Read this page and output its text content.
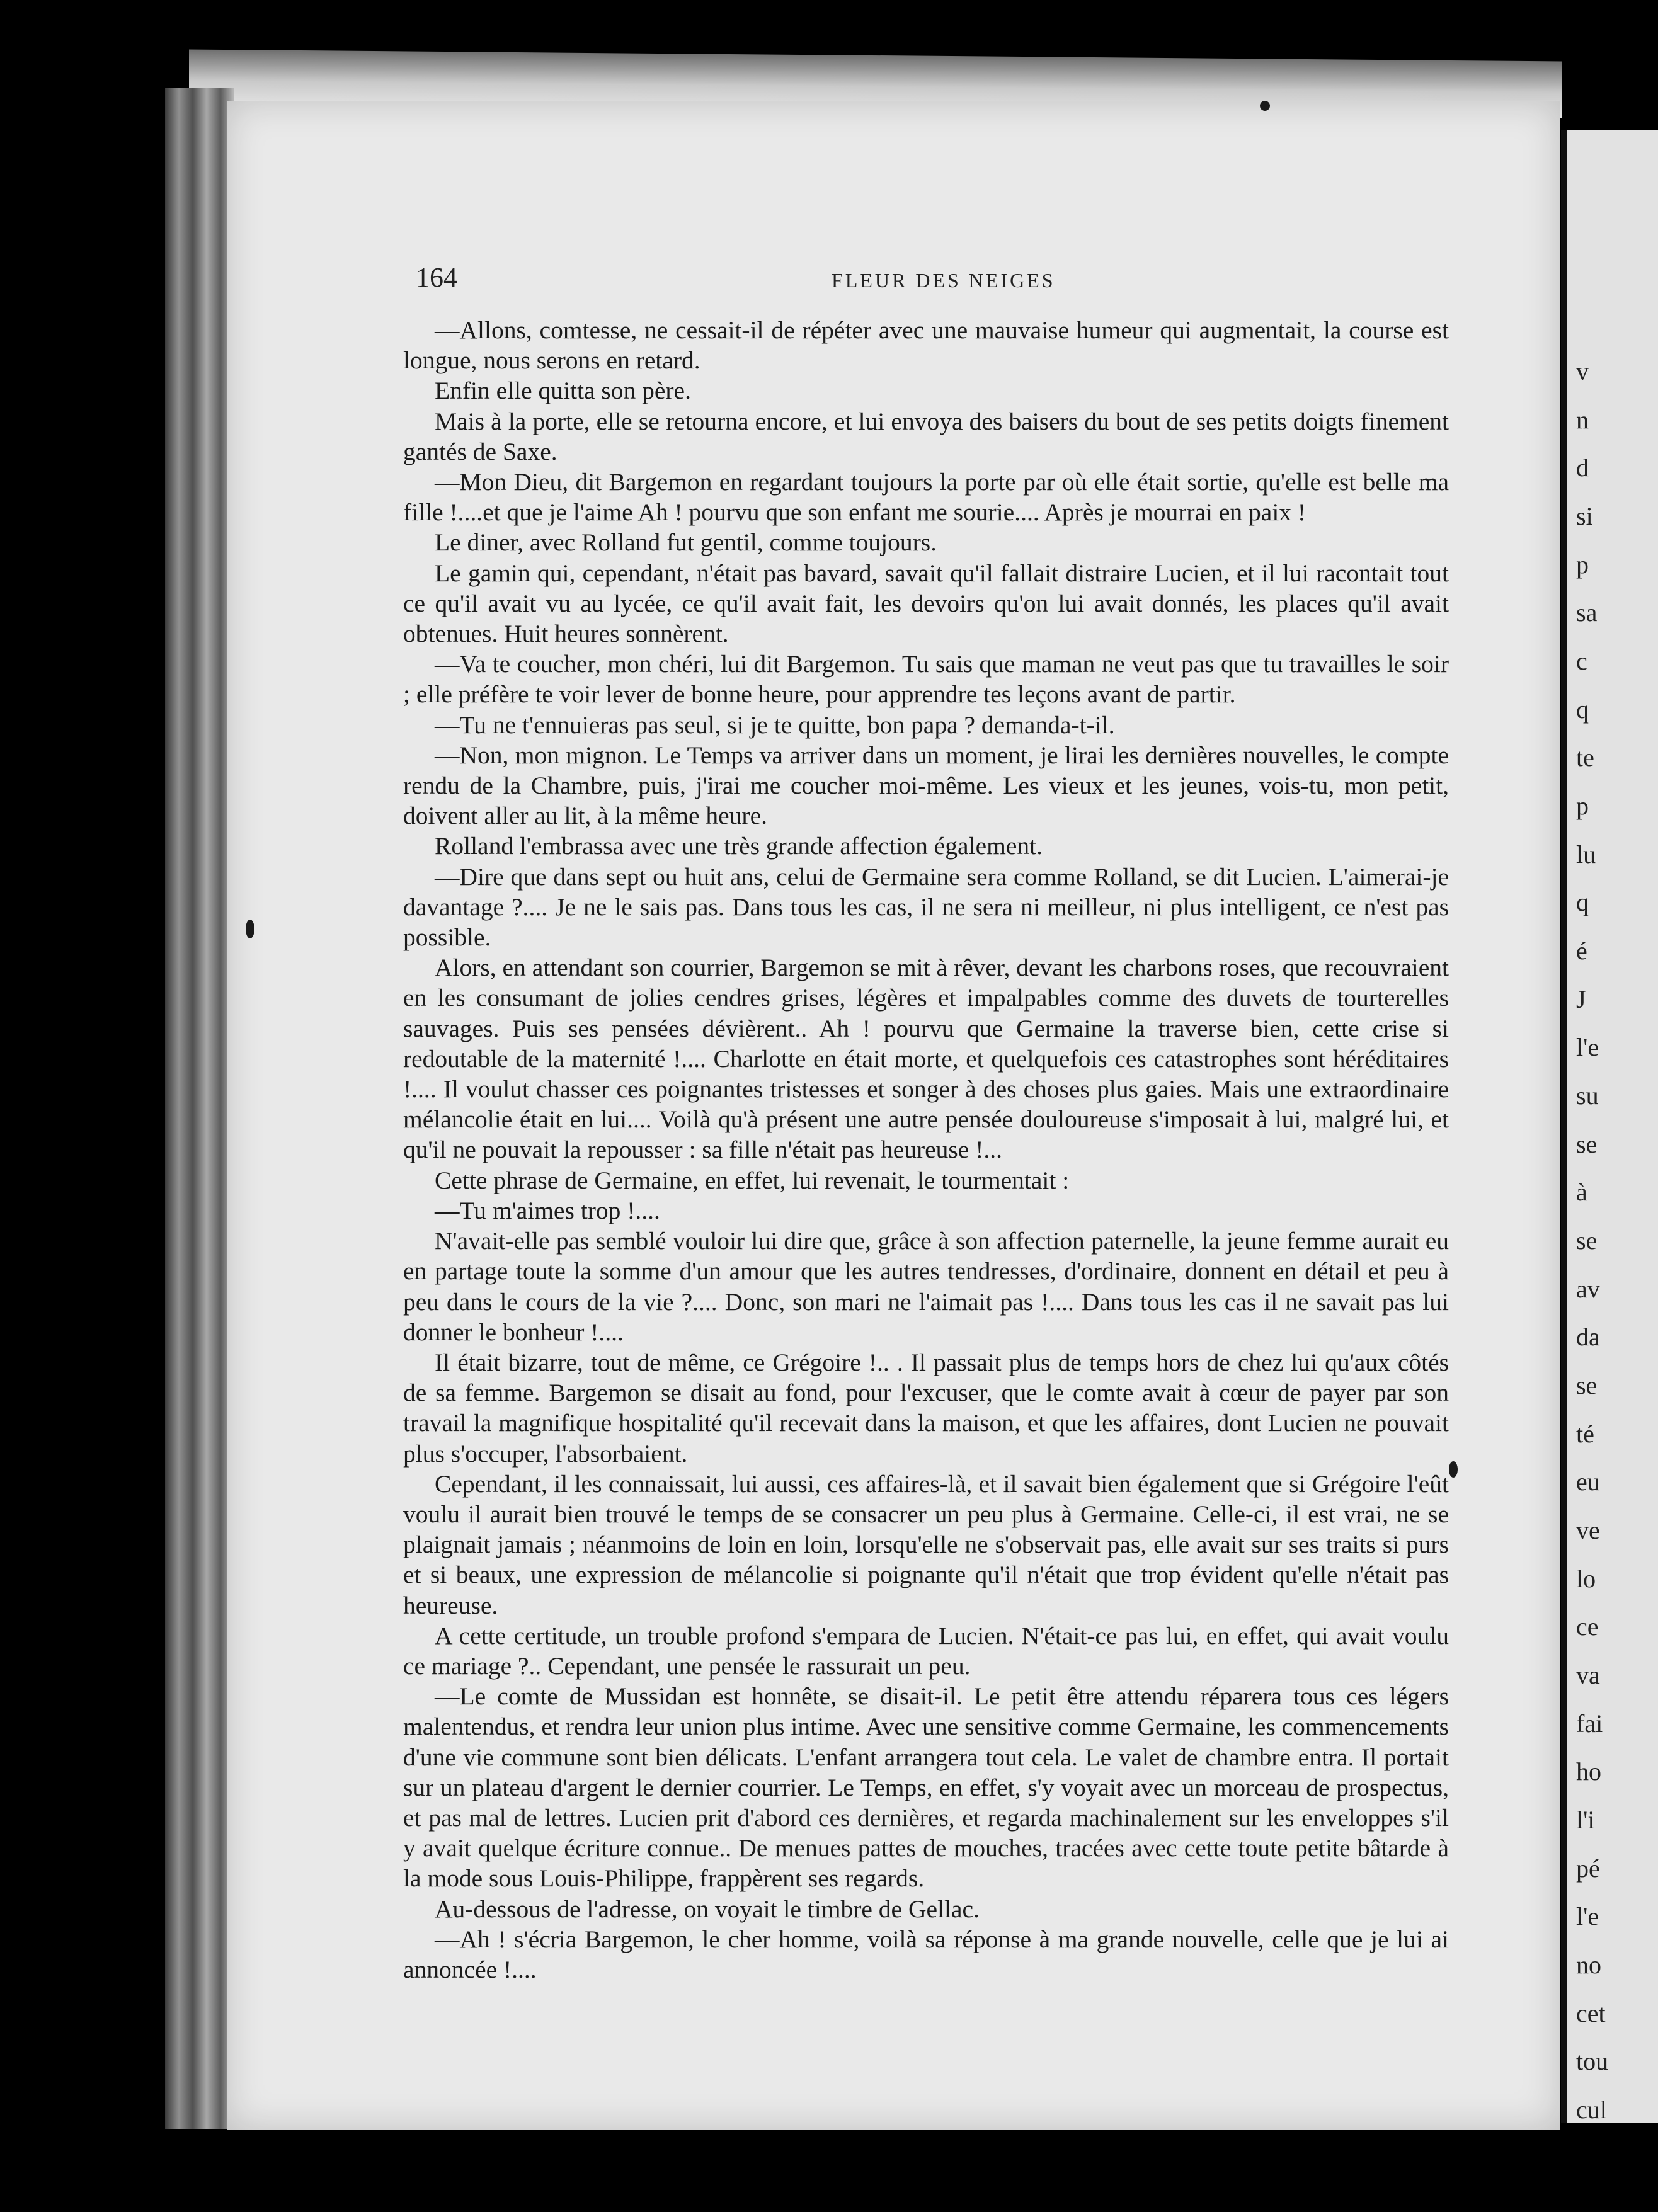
164	FLEUR DES NEIGES

—Allons, comtesse, ne cessait-il de répéter avec une mauvaise humeur qui augmentait, la course est longue, nous serons en retard.

Enfin elle quitta son père.

Mais à la porte, elle se retourna encore, et lui envoya des baisers du bout de ses petits doigts finement gantés de Saxe.

—Mon Dieu, dit Bargemon en regardant toujours la porte par où elle était sortie, qu'elle est belle ma fille !....et que je l'aime Ah ! pourvu que son enfant me sourie.... Après je mourrai en paix !

Le diner, avec Rolland fut gentil, comme toujours.

Le gamin qui, cependant, n'était pas bavard, savait qu'il fallait distraire Lucien, et il lui racontait tout ce qu'il avait vu au lycée, ce qu'il avait fait, les devoirs qu'on lui avait donnés, les places qu'il avait obtenues. Huit heures sonnèrent.

—Va te coucher, mon chéri, lui dit Bargemon. Tu sais que maman ne veut pas que tu travailles le soir ; elle préfère te voir lever de bonne heure, pour apprendre tes leçons avant de partir.

—Tu ne t'ennuieras pas seul, si je te quitte, bon papa ? demanda-t-il.

—Non, mon mignon. Le Temps va arriver dans un moment, je lirai les dernières nouvelles, le compte rendu de la Chambre, puis, j'irai me coucher moi-même. Les vieux et les jeunes, vois-tu, mon petit, doivent aller au lit, à la même heure.

Rolland l'embrassa avec une très grande affection également.

—Dire que dans sept ou huit ans, celui de Germaine sera comme Rolland, se dit Lucien. L'aimerai-je davantage ?.... Je ne le sais pas. Dans tous les cas, il ne sera ni meilleur, ni plus intelligent, ce n'est pas possible.

Alors, en attendant son courrier, Bargemon se mit à rêver, devant les charbons roses, que recouvraient en les consumant de jolies cendres grises, légères et impalpables comme des duvets de tourterelles sauvages. Puis ses pensées dévièrent.. Ah ! pourvu que Germaine la traverse bien, cette crise si redoutable de la maternité !.... Charlotte en était morte, et quelquefois ces catastrophes sont héréditaires !.... Il voulut chasser ces poignantes tristesses et songer à des choses plus gaies. Mais une extraordinaire mélancolie était en lui.... Voilà qu'à présent une autre pensée douloureuse s'imposait à lui, malgré lui, et qu'il ne pouvait la repousser : sa fille n'était pas heureuse !...

Cette phrase de Germaine, en effet, lui revenait, le tourmentait :

—Tu m'aimes trop !....

N'avait-elle pas semblé vouloir lui dire que, grâce à son affection paternelle, la jeune femme aurait eu en partage toute la somme d'un amour que les autres tendresses, d'ordinaire, donnent en détail et peu à peu dans le cours de la vie ?.... Donc, son mari ne l'aimait pas !.... Dans tous les cas il ne savait pas lui donner le bonheur !....

Il était bizarre, tout de même, ce Grégoire !.. . Il passait plus de temps hors de chez lui qu'aux côtés de sa femme. Bargemon se disait au fond, pour l'excuser, que le comte avait à cœur de payer par son travail la magnifique hospitalité qu'il recevait dans la maison, et que les affaires, dont Lucien ne pouvait plus s'occuper, l'absorbaient.

Cependant, il les connaissait, lui aussi, ces affaires-là, et il savait bien également que si Grégoire l'eût voulu il aurait bien trouvé le temps de se consacrer un peu plus à Germaine. Celle-ci, il est vrai, ne se plaignait jamais ; néanmoins de loin en loin, lorsqu'elle ne s'observait pas, elle avait sur ses traits si purs et si beaux, une expression de mélancolie si poignante qu'il n'était que trop évident qu'elle n'était pas heureuse.

A cette certitude, un trouble profond s'empara de Lucien. N'était-ce pas lui, en effet, qui avait voulu ce mariage ?.. Cependant, une pensée le rassurait un peu.

—Le comte de Mussidan est honnête, se disait-il. Le petit être attendu réparera tous ces légers malentendus, et rendra leur union plus intime. Avec une sensitive comme Germaine, les commencements d'une vie commune sont bien délicats. L'enfant arrangera tout cela. Le valet de chambre entra. Il portait sur un plateau d'argent le dernier courrier. Le Temps, en effet, s'y voyait avec un morceau de prospectus, et pas mal de lettres. Lucien prit d'abord ces dernières, et regarda machinalement sur les enveloppes s'il y avait quelque écriture connue.. De menues pattes de mouches, tracées avec cette toute petite bâtarde à la mode sous Louis-Philippe, frappèrent ses regards.

Au-dessous de l'adresse, on voyait le timbre de Gellac.

—Ah ! s'écria Bargemon, le cher homme, voilà sa réponse à ma grande nouvelle, celle que je lui ai annoncée !....

v
n
d
si
p
sa
c
q
te
p
lu
q
é
J
l'e
su
se
à
se
av
da
se
té
eu
ve
lo
ce
va
fai
ho
l'i
pé
l'e
no
cet
tou
cul
